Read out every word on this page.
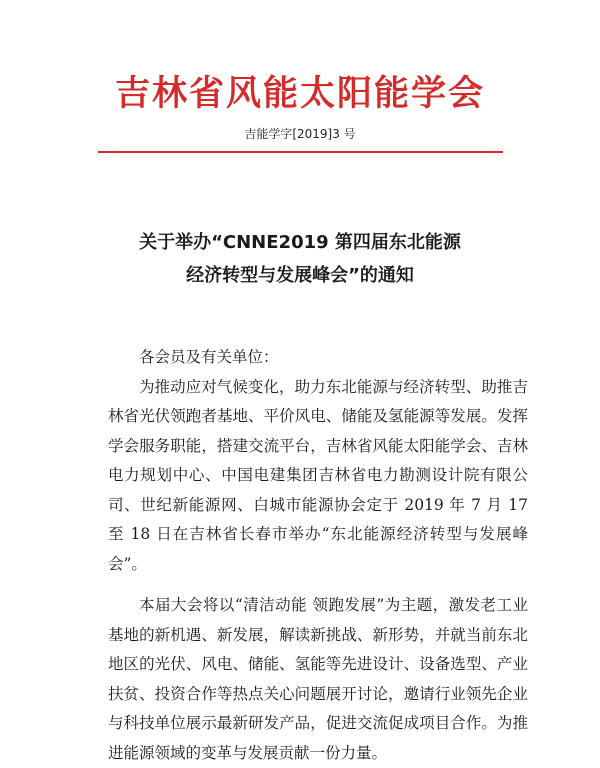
吉林省风能太阳能学会
吉能学字[2019]3 号
关于举办“CNNE2019 第四届东北能源
经济转型与发展峰会”的通知

各会员及有关单位：

为推动应对气候变化，助力东北能源与经济转型、助推吉林省光伏领跑者基地、平价风电、储能及氢能源等发展。发挥学会服务职能，搭建交流平台，吉林省风能太阳能学会、吉林电力规划中心、中国电建集团吉林省电力勘测设计院有限公司、世纪新能源网、白城市能源协会定于 2019 年 7 月 17 至 18 日在吉林省长春市举办“东北能源经济转型与发展峰会”。

本届大会将以“清洁动能 领跑发展”为主题，激发老工业基地的新机遇、新发展，解读新挑战、新形势，并就当前东北地区的光伏、风电、储能、氢能等先进设计、设备选型、产业扶贫、投资合作等热点关心问题展开讨论，邀请行业领先企业与科技单位展示最新研发产品，促进交流促成项目合作。为推进能源领域的变革与发展贡献一份力量。
